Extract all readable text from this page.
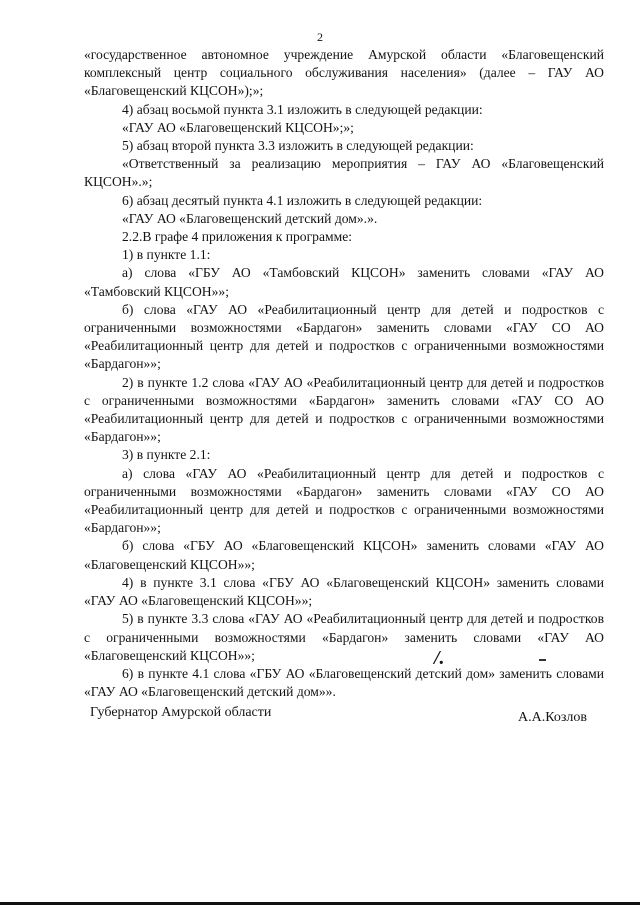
2

«государственное автономное учреждение Амурской области «Благовещенский комплексный центр социального обслуживания населения» (далее – ГАУ АО «Благовещенский КЦСОН»);»;

4) абзац восьмой пункта 3.1 изложить в следующей редакции:

«ГАУ АО «Благовещенский КЦСОН»;»;

5) абзац второй пункта 3.3 изложить в следующей редакции:

«Ответственный за реализацию мероприятия – ГАУ АО «Благовещенский КЦСОН».»;

6) абзац десятый пункта 4.1 изложить в следующей редакции:

«ГАУ АО «Благовещенский детский дом».».

2.2.В графе 4 приложения к программе:

1) в пункте 1.1:

а) слова «ГБУ АО «Тамбовский КЦСОН» заменить словами «ГАУ АО «Тамбовский КЦСОН»»;

б) слова «ГАУ АО «Реабилитационный центр для детей и подростков с ограниченными возможностями «Бардагон» заменить словами «ГАУ СО АО «Реабилитационный центр для детей и подростков с ограниченными возможностями «Бардагон»»;

2) в пункте 1.2 слова «ГАУ АО «Реабилитационный центр для детей и подростков с ограниченными возможностями «Бардагон» заменить словами «ГАУ СО АО «Реабилитационный центр для детей и подростков с ограниченными возможностями «Бардагон»»;

3) в пункте 2.1:

а) слова «ГАУ АО «Реабилитационный центр для детей и подростков с ограниченными возможностями «Бардагон» заменить словами «ГАУ СО АО «Реабилитационный центр для детей и подростков с ограниченными возможностями «Бардагон»»;

б) слова «ГБУ АО «Благовещенский КЦСОН» заменить словами «ГАУ АО «Благовещенский КЦСОН»»;

4) в пункте 3.1 слова «ГБУ АО «Благовещенский КЦСОН» заменить словами «ГАУ АО «Благовещенский КЦСОН»»;

5) в пункте 3.3 слова «ГАУ АО «Реабилитационный центр для детей и подростков с ограниченными возможностями «Бардагон» заменить словами «ГАУ АО «Благовещенский КЦСОН»»;

6) в пункте 4.1 слова «ГБУ АО «Благовещенский детский дом» заменить словами «ГАУ АО «Благовещенский детский дом»».

/.
Губернатор Амурской области	А.А.Козлов
